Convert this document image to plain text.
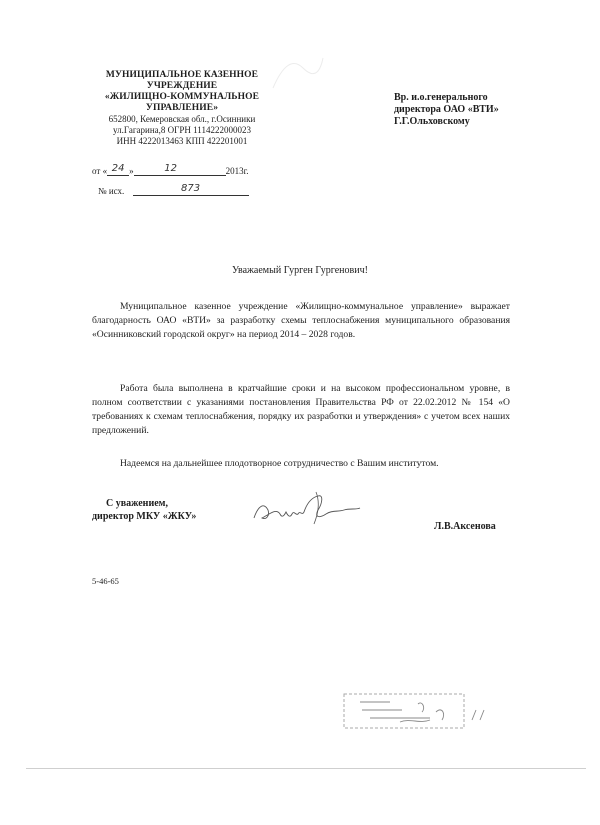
МУНИЦИПАЛЬНОЕ КАЗЕННОЕ
УЧРЕЖДЕНИЕ
«ЖИЛИЩНО-КОММУНАЛЬНОЕ
УПРАВЛЕНИЕ»
652800, Кемеровская обл., г.Осинники
ул.Гагарина,8 ОГРН 1114222000023
ИНН 4222013463 КПП 422201001
от « 24 »	12	2013г.
№ исх.	873
Вр. и.о.генерального
директора ОАО «ВТИ»
Г.Г.Ольховскому
Уважаемый Гурген Гургенович!

Муниципальное казенное учреждение «Жилищно-коммунальное управление» выражает благодарность ОАО «ВТИ» за разработку схемы теплоснабжения муниципального образования «Осинниковский городской округ» на период 2014 – 2028 годов.

Работа была выполнена в кратчайшие сроки и на высоком профессиональном уровне, в полном соответствии с указаниями постановления Правительства РФ от 22.02.2012 № 154 «О требованиях к схемам теплоснабжения, порядку их разработки и утверждения» с учетом всех наших предложений.

Надеемся на дальнейшее плодотворное сотрудничество с Вашим институтом.

С уважением,
директор МКУ «ЖКУ»
Л.В.Аксенова
5-46-65
